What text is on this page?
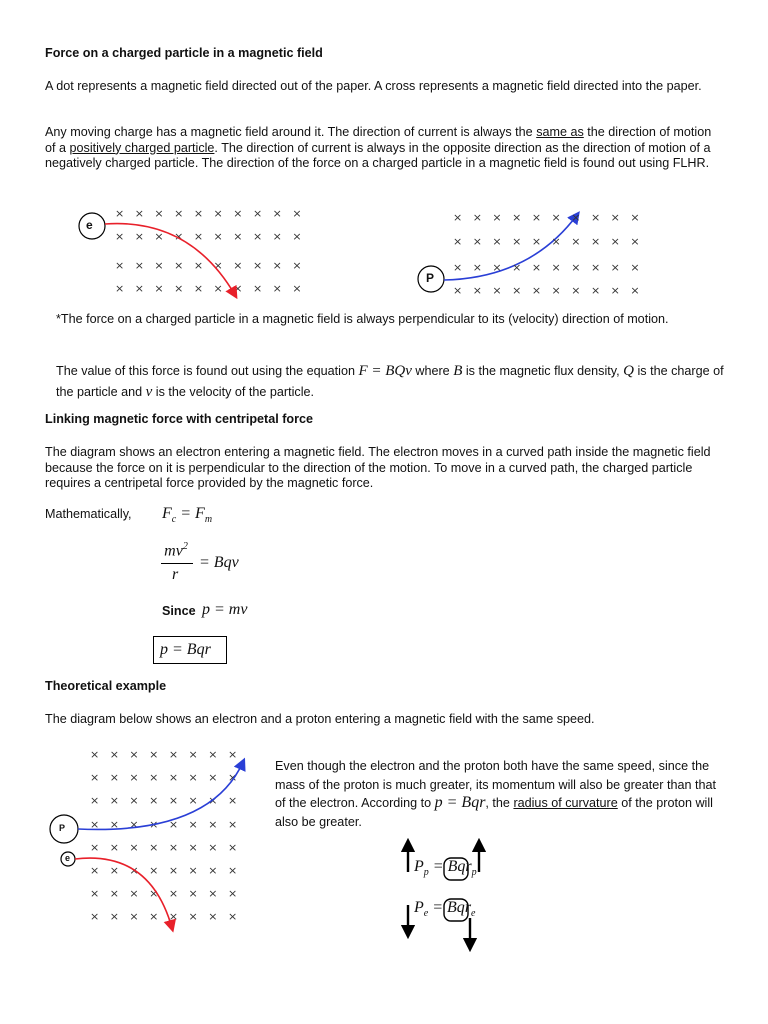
Force on a charged particle in a magnetic field
A dot represents a magnetic field directed out of the paper. A cross represents a magnetic field directed into the paper.
Any moving charge has a magnetic field around it. The direction of current is always the same as the direction of motion of a positively charged particle. The direction of current is always in the opposite direction as the direction of motion of a negatively charged particle. The direction of the force on a charged particle in a magnetic field is found out using FLHR.
×   ×   ×   ×   ×   ×   ×   ×   ×   ×
×   ×   ×   ×   ×   ×   ×   ×   ×   ×
×   ×   ×   ×   ×   ×   ×   ×   ×   ×
×   ×   ×   ×   ×   ×   ×   ×   ×   ×
e
P
×   ×   ×   ×   ×   ×   ×   ×   ×   ×
×   ×   ×   ×   ×   ×   ×   ×   ×   ×
×   ×   ×   ×   ×   ×   ×   ×   ×   ×
×   ×   ×   ×   ×   ×   ×   ×   ×   ×
*The force on a charged particle in a magnetic field is always perpendicular to its (velocity) direction of motion.
The value of this force is found out using the equation F = BQv where B is the magnetic flux density, Q is the charge of the particle and v is the velocity of the particle.
Linking magnetic force with centripetal force
The diagram shows an electron entering a magnetic field. The electron moves in a curved path inside the magnetic field because the force on it is perpendicular to the direction of the motion. To move in a curved path, the charged particle requires a centripetal force provided by the magnetic force.
Mathematically, $F_c = F_m$
$mv^2$
r
= Bqv
Since p = mv
p = Bqr
Theoretical example
The diagram below shows an electron and a proton entering a magnetic field with the same speed.
×   ×   ×   ×   ×   ×   ×   ×
×   ×   ×   ×   ×   ×   ×   ×
×   ×   ×   ×   ×   ×   ×   ×
×   ×   ×   ×   ×   ×   ×   ×
×   ×   ×   ×   ×   ×   ×   ×
×   ×   ×   ×   ×   ×   ×   ×
×   ×   ×   ×   ×   ×   ×   ×
×   ×   ×   ×   ×   ×   ×   ×
P
e
Even though the electron and the proton both have the same speed, since the mass of the proton is much greater, its momentum will also be greater than that of the electron. According to p = Bqr, the radius of curvature of the proton will also be greater.
$P_p = Bqr_p$
$P_e = Bqr_e$
